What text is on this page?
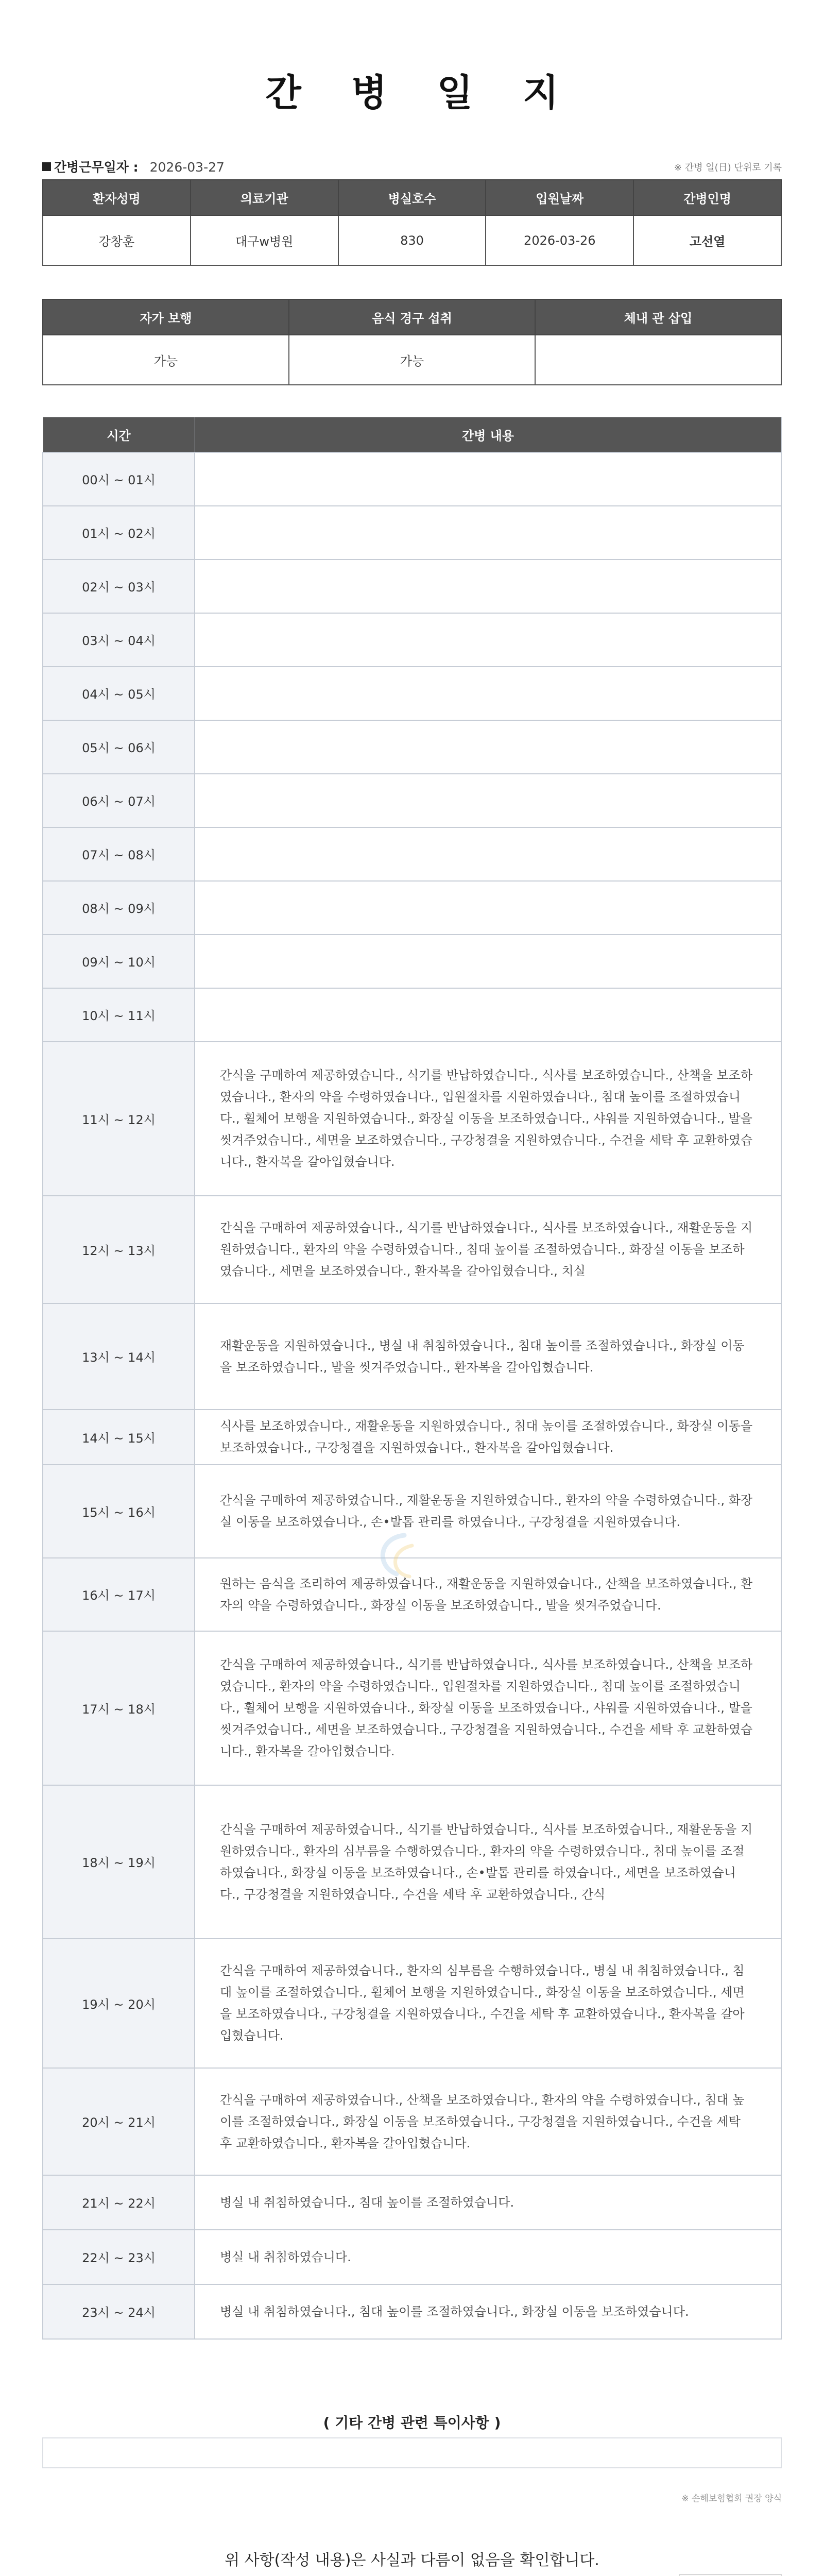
간 병 일 지
간병근무일자 : 2026-03-27	※ 간병 일(日) 단위로 기록
환자성명	의료기관	병실호수	입원날짜	간병인명
강창훈	대구w병원	830	2026-03-26	고선열
자가 보행	음식 경구 섭취	체내 관 삽입
가능	가능	
시간	간병 내용
00시 ~ 01시	
01시 ~ 02시	
02시 ~ 03시	
03시 ~ 04시	
04시 ~ 05시	
05시 ~ 06시	
06시 ~ 07시	
07시 ~ 08시	
08시 ~ 09시	
09시 ~ 10시	
10시 ~ 11시	
11시 ~ 12시	간식을 구매하여 제공하였습니다., 식기를 반납하였습니다., 식사를 보조하였습니다., 산책을 보조하였습니다., 환자의 약을 수령하였습니다., 입원절차를 지원하였습니다., 침대 높이를 조절하였습니다., 휠체어 보행을 지원하였습니다., 화장실 이동을 보조하였습니다., 샤워를 지원하였습니다., 발을 씻겨주었습니다., 세면을 보조하였습니다., 구강청결을 지원하였습니다., 수건을 세탁 후 교환하였습니다., 환자복을 갈아입혔습니다.
12시 ~ 13시	간식을 구매하여 제공하였습니다., 식기를 반납하였습니다., 식사를 보조하였습니다., 재활운동을 지원하였습니다., 환자의 약을 수령하였습니다., 침대 높이를 조절하였습니다., 화장실 이동을 보조하였습니다., 세면을 보조하였습니다., 환자복을 갈아입혔습니다., 치실
13시 ~ 14시	재활운동을 지원하였습니다., 병실 내 취침하였습니다., 침대 높이를 조절하였습니다., 화장실 이동을 보조하였습니다., 발을 씻겨주었습니다., 환자복을 갈아입혔습니다.
14시 ~ 15시	식사를 보조하였습니다., 재활운동을 지원하였습니다., 침대 높이를 조절하였습니다., 화장실 이동을 보조하였습니다., 구강청결을 지원하였습니다., 환자복을 갈아입혔습니다.
15시 ~ 16시	간식을 구매하여 제공하였습니다., 재활운동을 지원하였습니다., 환자의 약을 수령하였습니다., 화장실 이동을 보조하였습니다., 손•발톱 관리를 하였습니다., 구강청결을 지원하였습니다.
16시 ~ 17시	원하는 음식을 조리하여 제공하였습니다., 재활운동을 지원하였습니다., 산책을 보조하였습니다., 환자의 약을 수령하였습니다., 화장실 이동을 보조하였습니다., 발을 씻겨주었습니다.
17시 ~ 18시	간식을 구매하여 제공하였습니다., 식기를 반납하였습니다., 식사를 보조하였습니다., 산책을 보조하였습니다., 환자의 약을 수령하였습니다., 입원절차를 지원하였습니다., 침대 높이를 조절하였습니다., 휠체어 보행을 지원하였습니다., 화장실 이동을 보조하였습니다., 샤워를 지원하였습니다., 발을 씻겨주었습니다., 세면을 보조하였습니다., 구강청결을 지원하였습니다., 수건을 세탁 후 교환하였습니다., 환자복을 갈아입혔습니다.
18시 ~ 19시	간식을 구매하여 제공하였습니다., 식기를 반납하였습니다., 식사를 보조하였습니다., 재활운동을 지원하였습니다., 환자의 심부름을 수행하였습니다., 환자의 약을 수령하였습니다., 침대 높이를 조절하였습니다., 화장실 이동을 보조하였습니다., 손•발톱 관리를 하였습니다., 세면을 보조하였습니다., 구강청결을 지원하였습니다., 수건을 세탁 후 교환하였습니다., 간식
19시 ~ 20시	간식을 구매하여 제공하였습니다., 환자의 심부름을 수행하였습니다., 병실 내 취침하였습니다., 침대 높이를 조절하였습니다., 휠체어 보행을 지원하였습니다., 화장실 이동을 보조하였습니다., 세면을 보조하였습니다., 구강청결을 지원하였습니다., 수건을 세탁 후 교환하였습니다., 환자복을 갈아입혔습니다.
20시 ~ 21시	간식을 구매하여 제공하였습니다., 산책을 보조하였습니다., 환자의 약을 수령하였습니다., 침대 높이를 조절하였습니다., 화장실 이동을 보조하였습니다., 구강청결을 지원하였습니다., 수건을 세탁 후 교환하였습니다., 환자복을 갈아입혔습니다.
21시 ~ 22시	병실 내 취침하였습니다., 침대 높이를 조절하였습니다.
22시 ~ 23시	병실 내 취침하였습니다.
23시 ~ 24시	병실 내 취침하였습니다., 침대 높이를 조절하였습니다., 화장실 이동을 보조하였습니다.
( 기타 간병 관련 특이사항 )
※ 손해보험협회 권장 양식
위 사항(작성 내용)은 사실과 다름이 없음을 확인합니다.
